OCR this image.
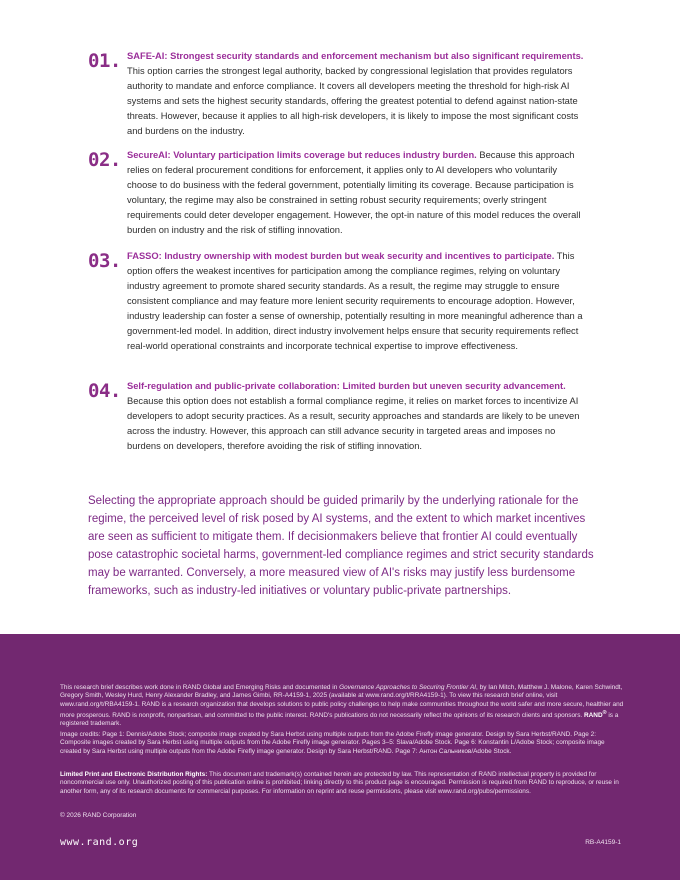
01. SAFE-AI: Strongest security standards and enforcement mechanism but also significant requirements. This option carries the strongest legal authority, backed by congressional legislation that provides regulators authority to mandate and enforce compliance. It covers all developers meeting the threshold for high-risk AI systems and sets the highest security standards, offering the greatest potential to defend against nation-state threats. However, because it applies to all high-risk developers, it is likely to impose the most significant costs and burdens on the industry.
02. SecureAI: Voluntary participation limits coverage but reduces industry burden. Because this approach relies on federal procurement conditions for enforcement, it applies only to AI developers who voluntarily choose to do business with the federal government, potentially limiting its coverage. Because participation is voluntary, the regime may also be constrained in setting robust security requirements; overly stringent requirements could deter developer engagement. However, the opt-in nature of this model reduces the overall burden on industry and the risk of stifling innovation.
03. FASSO: Industry ownership with modest burden but weak security and incentives to participate. This option offers the weakest incentives for participation among the compliance regimes, relying on voluntary industry agreement to promote shared security standards. As a result, the regime may struggle to ensure consistent compliance and may feature more lenient security requirements to encourage adoption. However, industry leadership can foster a sense of ownership, potentially resulting in more meaningful adherence than a government-led model. In addition, direct industry involvement helps ensure that security requirements reflect real-world operational constraints and incorporate technical expertise to improve effectiveness.
04. Self-regulation and public-private collaboration: Limited burden but uneven security advancement. Because this option does not establish a formal compliance regime, it relies on market forces to incentivize AI developers to adopt security practices. As a result, security approaches and standards are likely to be uneven across the industry. However, this approach can still advance security in targeted areas and imposes no burdens on developers, therefore avoiding the risk of stifling innovation.
Selecting the appropriate approach should be guided primarily by the underlying rationale for the regime, the perceived level of risk posed by AI systems, and the extent to which market incentives are seen as sufficient to mitigate them. If decisionmakers believe that frontier AI could eventually pose catastrophic societal harms, government-led compliance regimes and strict security standards may be warranted. Conversely, a more measured view of AI's risks may justify less burdensome frameworks, such as industry-led initiatives or voluntary public-private partnerships.

This research brief describes work done in RAND Global and Emerging Risks and documented in Governance Approaches to Securing Frontier AI, by Ian Mitch, Matthew J. Malone, Karen Schwindt, Gregory Smith, Wesley Hurd, Henry Alexander Bradley, and James Gimbi, RR-A4159-1, 2025 (available at www.rand.org/t/RRA4159-1). To view this research brief online, visit www.rand.org/t/RBA4159-1. RAND is a research organization that develops solutions to public policy challenges to help make communities throughout the world safer and more secure, healthier and more prosperous. RAND is nonprofit, nonpartisan, and committed to the public interest. RAND's publications do not necessarily reflect the opinions of its research clients and sponsors. RAND® is a registered trademark.

Image credits: Page 1: Dennis/Adobe Stock; composite image created by Sara Herbst using multiple outputs from the Adobe Firefly image generator. Design by Sara Herbst/RAND. Page 2: Composite images created by Sara Herbst using multiple outputs from the Adobe Firefly image generator. Pages 3–5: Slava/Adobe Stock. Page 6: Konstantin L/Adobe Stock; composite image created by Sara Herbst using multiple outputs from the Adobe Firefly image generator. Design by Sara Herbst/RAND. Page 7: Антон Сальников/Adobe Stock.

Limited Print and Electronic Distribution Rights: This document and trademark(s) contained herein are protected by law. This representation of RAND intellectual property is provided for noncommercial use only. Unauthorized posting of this publication online is prohibited; linking directly to this product page is encouraged. Permission is required from RAND to reproduce, or reuse in another form, any of its research documents for commercial purposes. For information on reprint and reuse permissions, please visit www.rand.org/pubs/permissions.

© 2026 RAND Corporation

www.rand.org	RB-A4159-1
